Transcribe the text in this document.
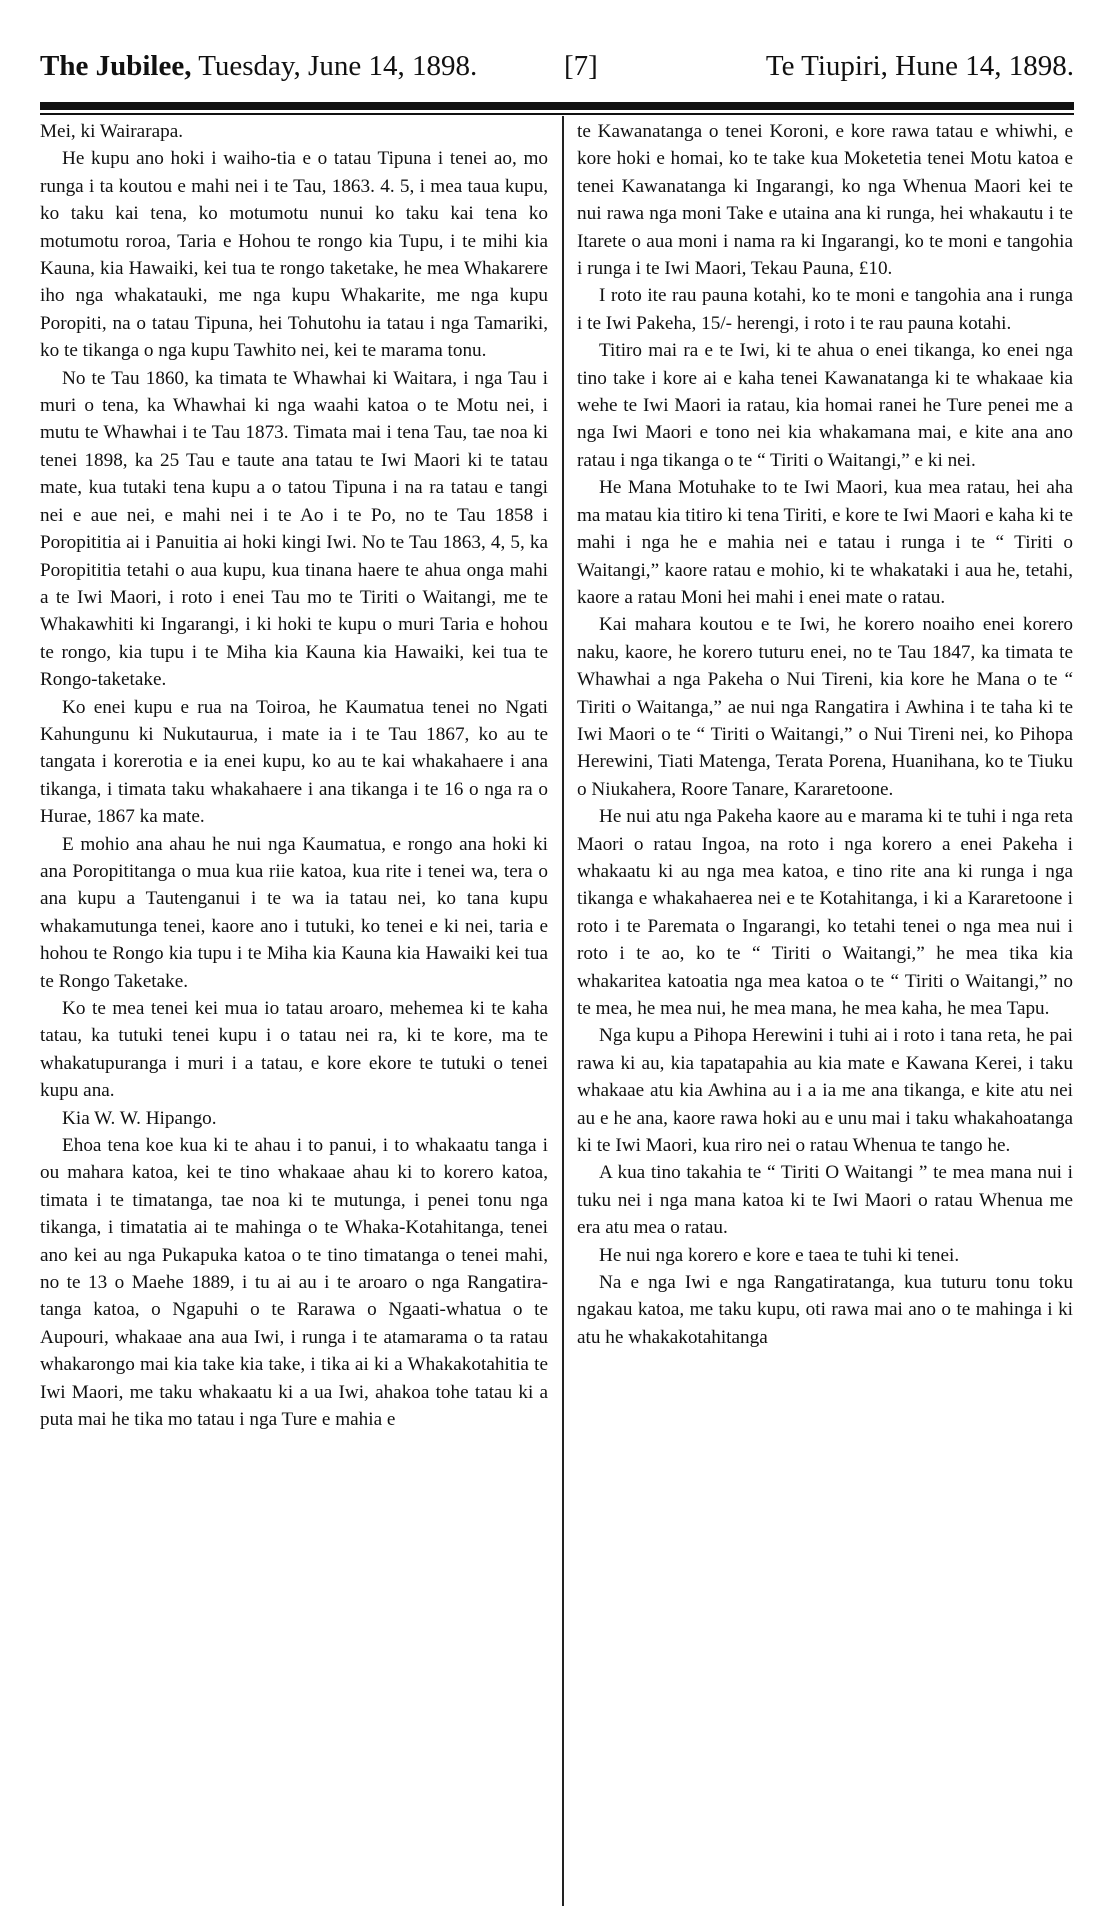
The Jubilee, Tuesday, June 14, 1898.	[7]	Te Tiupiri, Hune 14, 1898.

Mei, ki Wairarapa.

He kupu ano hoki i waiho-tia e o tatau Tipuna i tenei ao, mo runga i ta koutou e mahi nei i te Tau, 1863. 4. 5, i mea taua kupu, ko taku kai tena, ko motumotu nunui ko taku kai tena ko motumotu roroa, Taria e Hohou te rongo kia Tupu, i te mihi kia Kauna, kia Hawaiki, kei tua te rongo taketake, he mea Whakarere iho nga whakatauki, me nga kupu Whakarite, me nga kupu Poropiti, na o tatau Tipuna, hei Tohutohu ia tatau i nga Tamariki, ko te tikanga o nga kupu Tawhito nei, kei te marama tonu.

No te Tau 1860, ka timata te Whawhai ki Waitara, i nga Tau i muri o tena, ka Whawhai ki nga waahi katoa o te Motu nei, i mutu te Whawhai i te Tau 1873. Timata mai i tena Tau, tae noa ki tenei 1898, ka 25 Tau e taute ana tatau te Iwi Maori ki te tatau mate, kua tutaki tena kupu a o tatou Tipuna i na ra tatau e tangi nei e aue nei, e mahi nei i te Ao i te Po, no te Tau 1858 i Poropititia ai i Panuitia ai hoki kingi Iwi. No te Tau 1863, 4, 5, ka Poropititia tetahi o aua kupu, kua tinana haere te ahua onga mahi a te Iwi Maori, i roto i enei Tau mo te Tiriti o Waitangi, me te Whakawhiti ki Ingarangi, i ki hoki te kupu o muri Taria e hohou te rongo, kia tupu i te Miha kia Kauna kia Hawaiki, kei tua te Rongo-taketake.

Ko enei kupu e rua na Toiroa, he Kaumatua tenei no Ngati Kahungunu ki Nukutaurua, i mate ia i te Tau 1867, ko au te tangata i korerotia e ia enei kupu, ko au te kai whakahaere i ana tikanga, i timata taku whakahaere i ana tikanga i te 16 o nga ra o Hurae, 1867 ka mate.

E mohio ana ahau he nui nga Kaumatua, e rongo ana hoki ki ana Poropititanga o mua kua riie katoa, kua rite i tenei wa, tera o ana kupu a Tautenganui i te wa ia tatau nei, ko tana kupu whakamutunga tenei, kaore ano i tutuki, ko tenei e ki nei, taria e hohou te Rongo kia tupu i te Miha kia Kauna kia Hawaiki kei tua te Rongo Taketake.

Ko te mea tenei kei mua io tatau aroaro, mehemea ki te kaha tatau, ka tutuki tenei kupu i o tatau nei ra, ki te kore, ma te whakatupuranga i muri i a tatau, e kore ekore te tutuki o tenei kupu ana.

Kia W. W. Hipango.

Ehoa tena koe kua ki te ahau i to panui, i to whakaatu tanga i ou mahara katoa, kei te tino whakaae ahau ki to korero katoa, timata i te timatanga, tae noa ki te mutunga, i penei tonu nga tikanga, i timatatia ai te mahinga o te Whaka-Kotahitanga, tenei ano kei au nga Pukapuka katoa o te tino timatanga o tenei mahi, no te 13 o Maehe 1889, i tu ai au i te aroaro o nga Rangatira-tanga katoa, o Ngapuhi o te Rarawa o Ngaati-whatua o te Aupouri, whakaae ana aua Iwi, i runga i te atamarama o ta ratau whakarongo mai kia take kia take, i tika ai ki a Whakakotahitia te Iwi Maori, me taku whakaatu ki a ua Iwi, ahakoa tohe tatau ki a puta mai he tika mo tatau i nga Ture e mahia e

te Kawanatanga o tenei Koroni, e kore rawa tatau e whiwhi, e kore hoki e homai, ko te take kua Moketetia tenei Motu katoa e tenei Kawanatanga ki Ingarangi, ko nga Whenua Maori kei te nui rawa nga moni Take e utaina ana ki runga, hei whakautu i te Itarete o aua moni i nama ra ki Ingarangi, ko te moni e tangohia i runga i te Iwi Maori, Tekau Pauna, £10.

I roto ite rau pauna kotahi, ko te moni e tangohia ana i runga i te Iwi Pakeha, 15/- herengi, i roto i te rau pauna kotahi.

Titiro mai ra e te Iwi, ki te ahua o enei tikanga, ko enei nga tino take i kore ai e kaha tenei Kawanatanga ki te whakaae kia wehe te Iwi Maori ia ratau, kia homai ranei he Ture penei me a nga Iwi Maori e tono nei kia whakamana mai, e kite ana ano ratau i nga tikanga o te “ Tiriti o Waitangi,” e ki nei.

He Mana Motuhake to te Iwi Maori, kua mea ratau, hei aha ma matau kia titiro ki tena Tiriti, e kore te Iwi Maori e kaha ki te mahi i nga he e mahia nei e tatau i runga i te “ Tiriti o Waitangi,” kaore ratau e mohio, ki te whakataki i aua he, tetahi, kaore a ratau Moni hei mahi i enei mate o ratau.

Kai mahara koutou e te Iwi, he korero noaiho enei korero naku, kaore, he korero tuturu enei, no te Tau 1847, ka timata te Whawhai a nga Pakeha o Nui Tireni, kia kore he Mana o te “ Tiriti o Waitanga,” ae nui nga Rangatira i Awhina i te taha ki te Iwi Maori o te “ Tiriti o Waitangi,” o Nui Tireni nei, ko Pihopa Herewini, Tiati Matenga, Terata Porena, Huanihana, ko te Tiuku o Niukahera, Roore Tanare, Kararetoone.

He nui atu nga Pakeha kaore au e marama ki te tuhi i nga reta Maori o ratau Ingoa, na roto i nga korero a enei Pakeha i whakaatu ki au nga mea katoa, e tino rite ana ki runga i nga tikanga e whakahaerea nei e te Kotahitanga, i ki a Kararetoone i roto i te Paremata o Ingarangi, ko tetahi tenei o nga mea nui i roto i te ao, ko te “ Tiriti o Waitangi,” he mea tika kia whakaritea katoatia nga mea katoa o te “ Tiriti o Waitangi,” no te mea, he mea nui, he mea mana, he mea kaha, he mea Tapu.

Nga kupu a Pihopa Herewini i tuhi ai i roto i tana reta, he pai rawa ki au, kia tapatapahia au kia mate e Kawana Kerei, i taku whakaae atu kia Awhina au i a ia me ana tikanga, e kite atu nei au e he ana, kaore rawa hoki au e unu mai i taku whakahoatanga ki te Iwi Maori, kua riro nei o ratau Whenua te tango he.

A kua tino takahia te “ Tiriti O Waitangi ” te mea mana nui i tuku nei i nga mana katoa ki te Iwi Maori o ratau Whenua me era atu mea o ratau.

He nui nga korero e kore e taea te tuhi ki tenei.

Na e nga Iwi e nga Rangatiratanga, kua tuturu tonu toku ngakau katoa, me taku kupu, oti rawa mai ano o te mahinga i ki atu he whakakotahitanga
